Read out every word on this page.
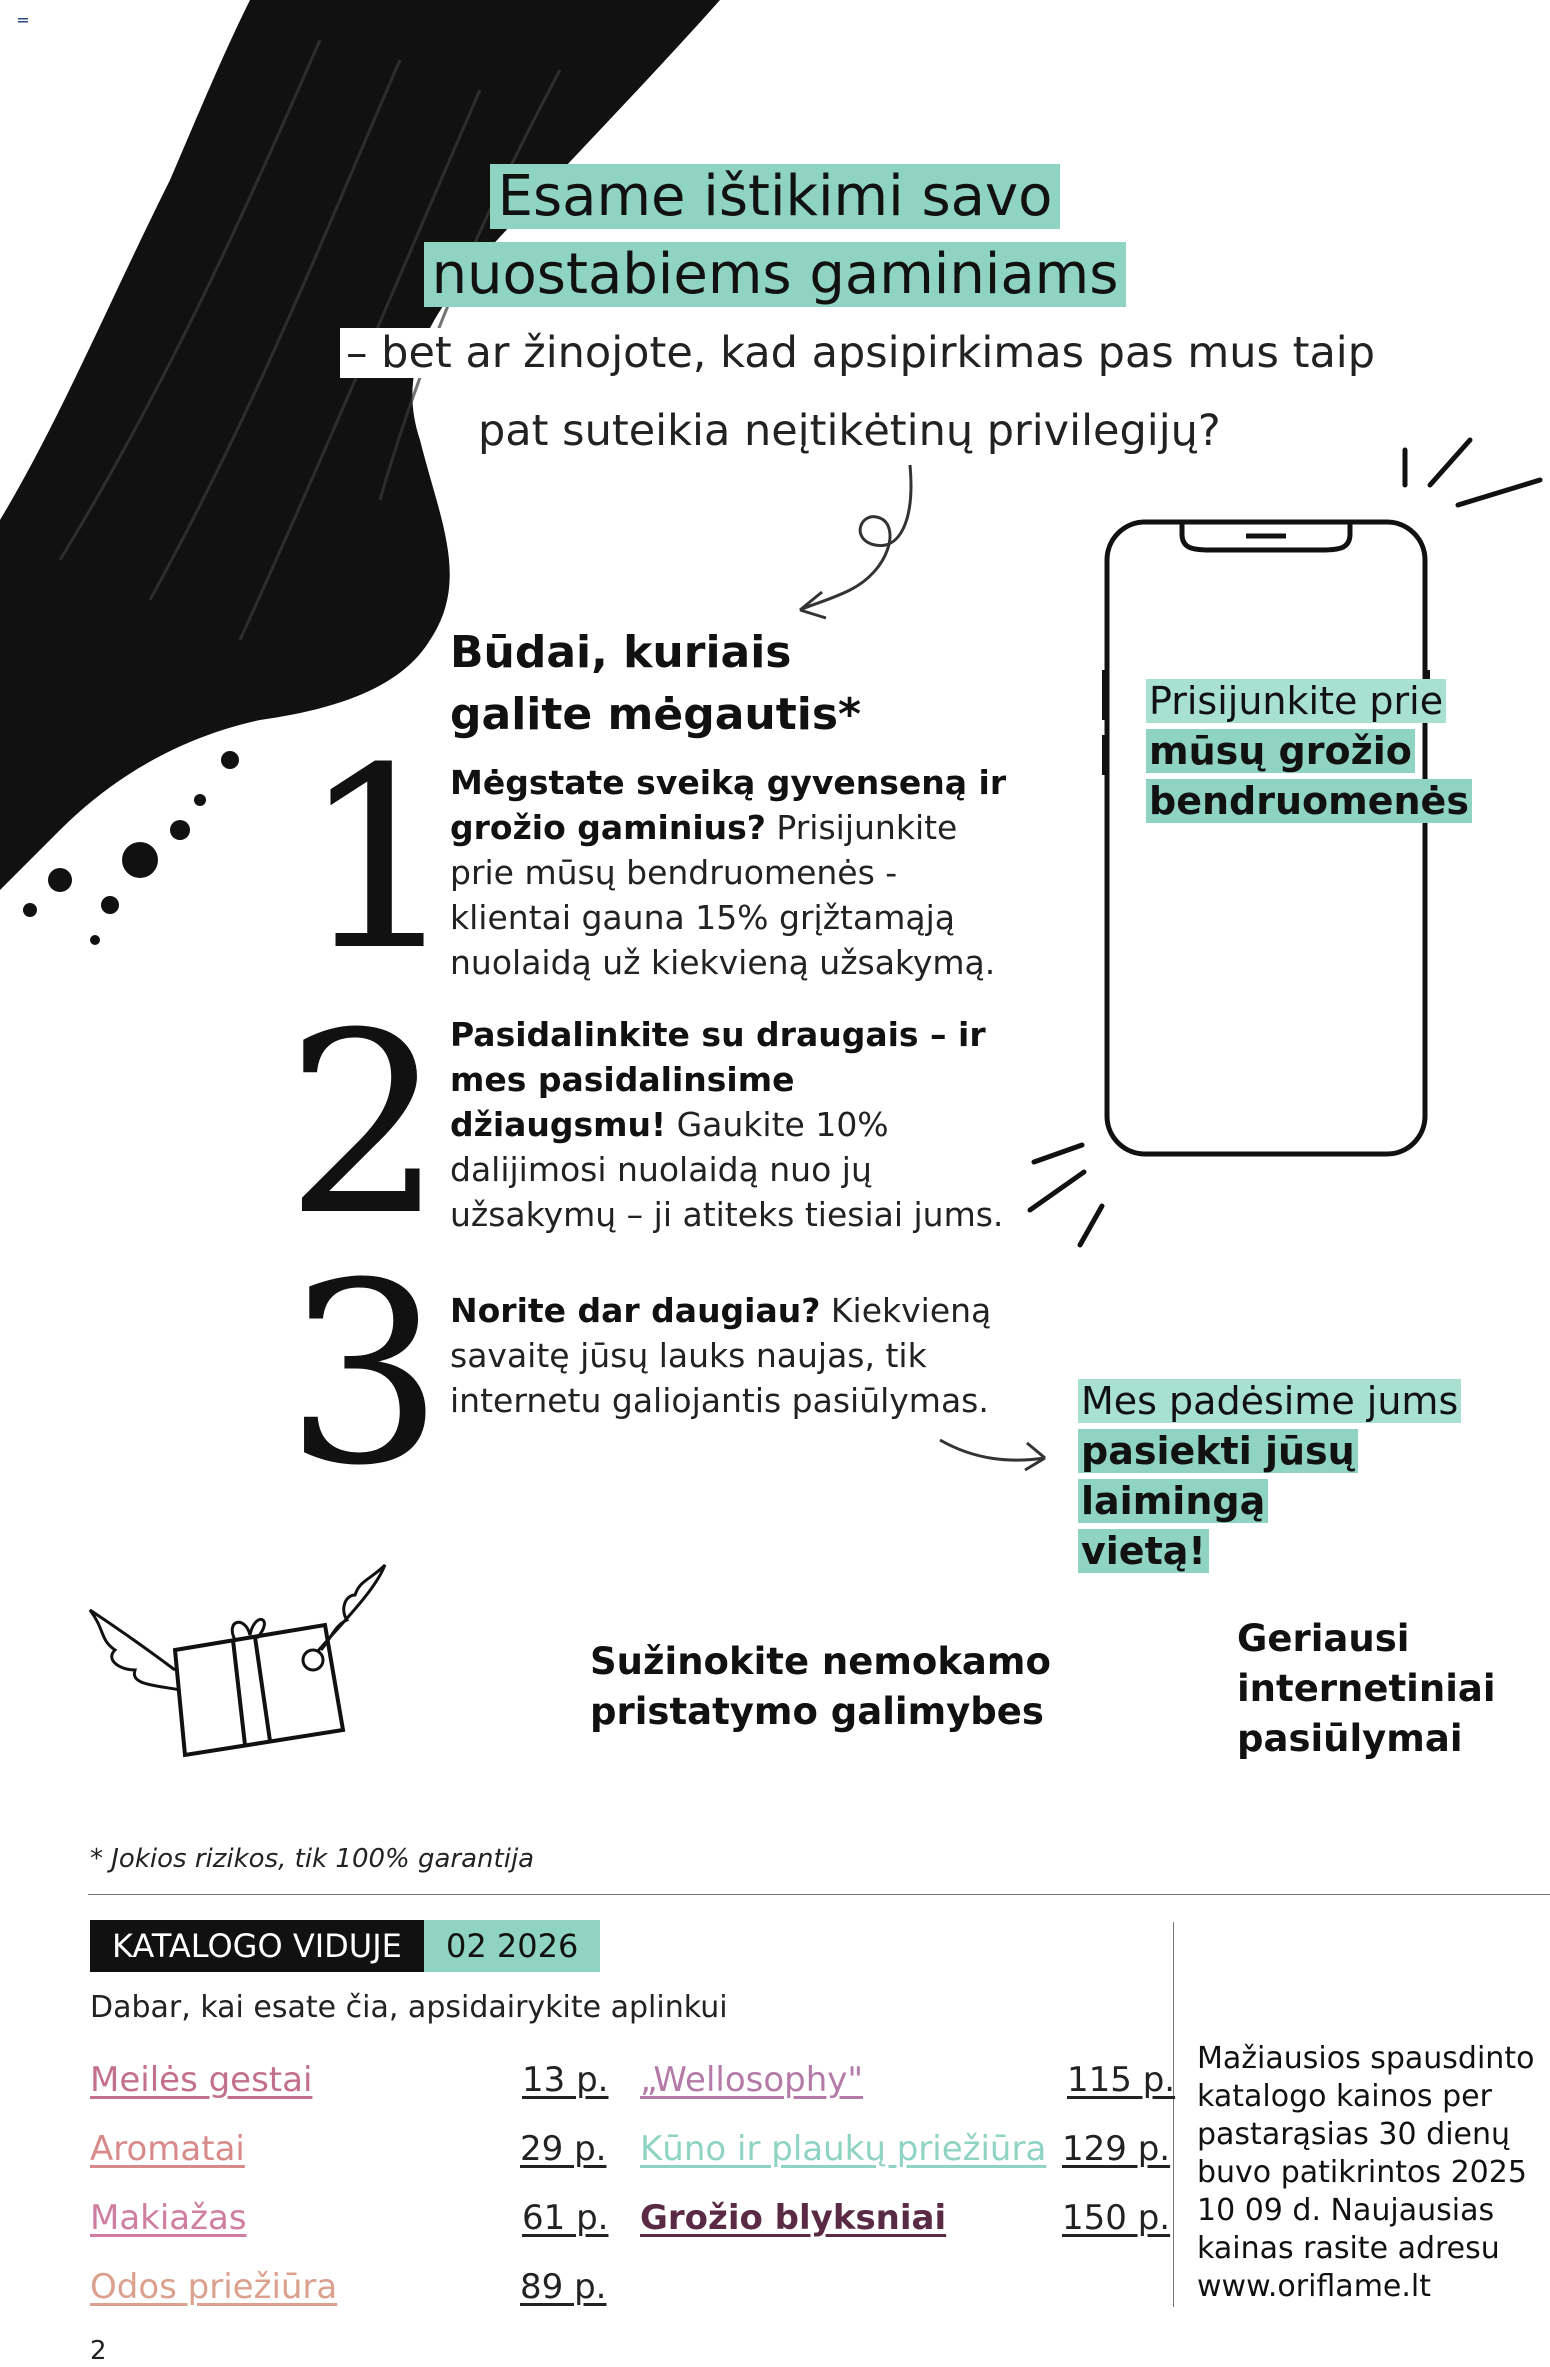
Esame ištikimi savo
nuostabiems gaminiams
– bet ar žinojote, kad apsipirkimas pas mus taip
pat suteikia neįtikėtinų privilegijų?
Būdai, kuriais
galite mėgautis*
1
Mėgstate sveiką gyvenseną ir grožio gaminius? Prisijunkite prie mūsų bendruomenės - klientai gauna 15% grįžtamąją nuolaidą už kiekvieną užsakymą.
2 Pasidalinkite su draugais – ir mes pasidalinsime džiaugsmu! Gaukite 10% dalijimosi nuolaidą nuo jų užsakymų – ji atiteks tiesiai jums.
3 Norite dar daugiau? Kiekvieną savaitę jūsų lauks naujas, tik internetu galiojantis pasiūlymas.
Prisijunkite prie
mūsų grožio
bendruomenės
Mes padėsime jums
pasiekti jūsų laimingą
vietą!
Sužinokite nemokamo
pristatymo galimybes
Geriausi
internetiniai
pasiūlymai
* Jokios rizikos, tik 100% garantija
KATALOGO VIDUJE	02 2026
Dabar, kai esate čia, apsidairykite aplinkui
Meilės gestai	13 p.
Aromatai	29 p.
Makiažas	61 p.
Odos priežiūra	89 p.
„Wellosophy"	115 p.
Kūno ir plaukų priežiūra 129 p.
Grožio blyksniai	150 p.
Mažiausios spausdinto katalogo kainos per pastarąsias 30 dienų buvo patikrintos 2025 10 09 d. Naujausias kainas rasite adresu www.oriflame.lt
2
